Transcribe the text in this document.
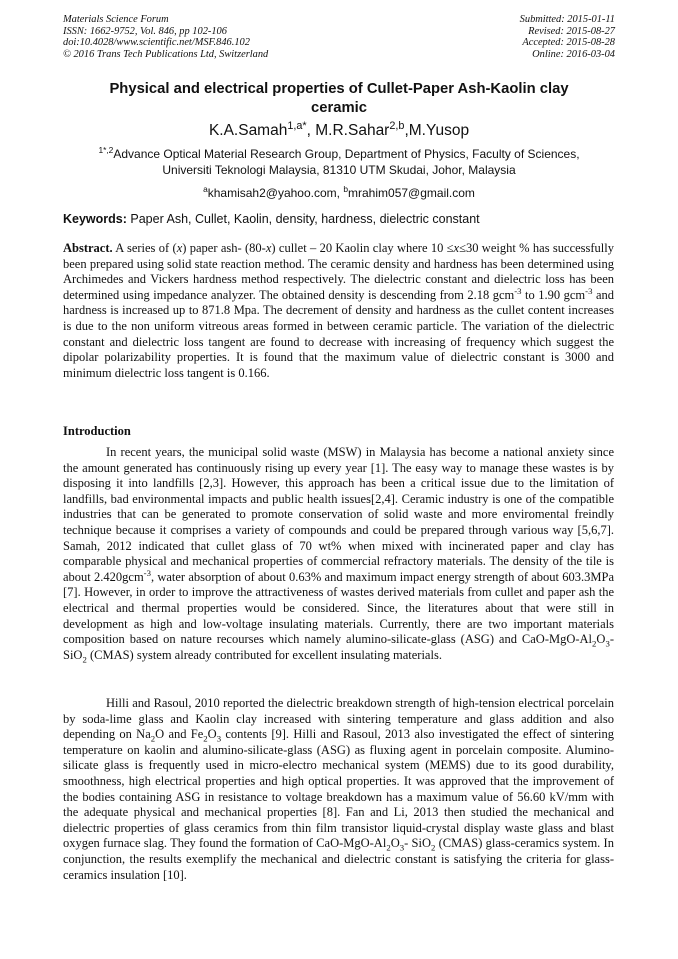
Materials Science Forum
ISSN: 1662-9752, Vol. 846, pp 102-106
doi:10.4028/www.scientific.net/MSF.846.102
© 2016 Trans Tech Publications Ltd, Switzerland
Submitted: 2015-01-11
Revised: 2015-08-27
Accepted: 2015-08-28
Online: 2016-03-04
Physical and electrical properties of Cullet-Paper Ash-Kaolin clay
ceramic
K.A.Samah$^{1,a*}$, M.R.Sahar$^{2,b}$,M.Yusop
$^{1*,2}$Advance Optical Material Research Group, Department of Physics, Faculty of Sciences,
Universiti Teknologi Malaysia, 81310 UTM Skudai, Johor, Malaysia
$^a$khamisah2@yahoo.com, $^b$mrahim057@gmail.com
Keywords: Paper Ash, Cullet, Kaolin, density, hardness, dielectric constant
Abstract. A series of (x) paper ash- (80-x) cullet – 20 Kaolin clay where 10 ≤x≤30 weight % has successfully been prepared using solid state reaction method. The ceramic density and hardness has been determined using Archimedes and Vickers hardness method respectively. The dielectric constant and dielectric loss has been determined using impedance analyzer. The obtained density is descending from 2.18 gcm$^{-3}$ to 1.90 gcm$^{-3}$ and hardness is increased up to 871.8 Mpa. The decrement of density and hardness as the cullet content increases is due to the non uniform vitreous areas formed in between ceramic particle. The variation of the dielectric constant and dielectric loss tangent are found to decrease with increasing of frequency which suggest the dipolar polarizability properties. It is found that the maximum value of dielectric constant is 3000 and minimum dielectric loss tangent is 0.166.
Introduction

In recent years, the municipal solid waste (MSW) in Malaysia has become a national anxiety since the amount generated has continuously rising up every year [1]. The easy way to manage these wastes is by disposing it into landfills [2,3]. However, this approach has been a critical issue due to the limitation of landfills, bad environmental impacts and public health issues[2,4]. Ceramic industry is one of the compatible industries that can be generated to promote conservation of solid waste and more enviromental freindly technique because it comprises a variety of compounds and could be prepared through various way [5,6,7]. Samah, 2012 indicated that cullet glass of 70 wt% when mixed with incinerated paper and clay has comparable physical and mechanical properties of commercial refractory materials. The density of the tile is about 2.420gcm$^{-3}$, water absorption of about 0.63% and maximum impact energy strength of about 603.3MPa [7]. However, in order to improve the attractiveness of wastes derived materials from cullet and paper ash the electrical and thermal properties would be considered. Since, the literatures about that were still in development as high and low-voltage insulating materials. Currently, there are two important materials composition based on nature recourses which namely alumino-silicate-glass (ASG) and CaO-$MgO-Al_2O_3-$ SiO$_2$ (CMAS) system already contributed for excellent insulating materials.

Hilli and Rasoul, 2010 reported the dielectric breakdown strength of high-tension electrical porcelain by soda-lime glass and Kaolin clay increased with sintering temperature and glass addition and also depending on $Na_2O$ and $Fe_2O_3$ contents [9]. Hilli and Rasoul, 2013 also investigated the effect of sintering temperature on kaolin and alumino-silicate-glass (ASG) as fluxing agent in porcelain composite. Alumino-silicate glass is frequently used in micro-electro mechanical system (MEMS) due to its good durability, smoothness, high electrical properties and high optical properties. It was approved that the improvement of the bodies containing ASG in resistance to voltage breakdown has a maximum value of 56.60 kV/mm with the adequate physical and mechanical properties [8]. Fan and Li, 2013 then studied the mechanical and dielectric properties of glass ceramics from thin film transistor liquid-crystal display waste glass and blast oxygen furnace slag. They found the formation of CaO-$MgO-Al_2O_3-$ SiO$_2$ (CMAS) glass-ceramics system. In conjunction, the results exemplify the mechanical and dielectric constant is satisfying the criteria for glass-ceramics insulation [10].
